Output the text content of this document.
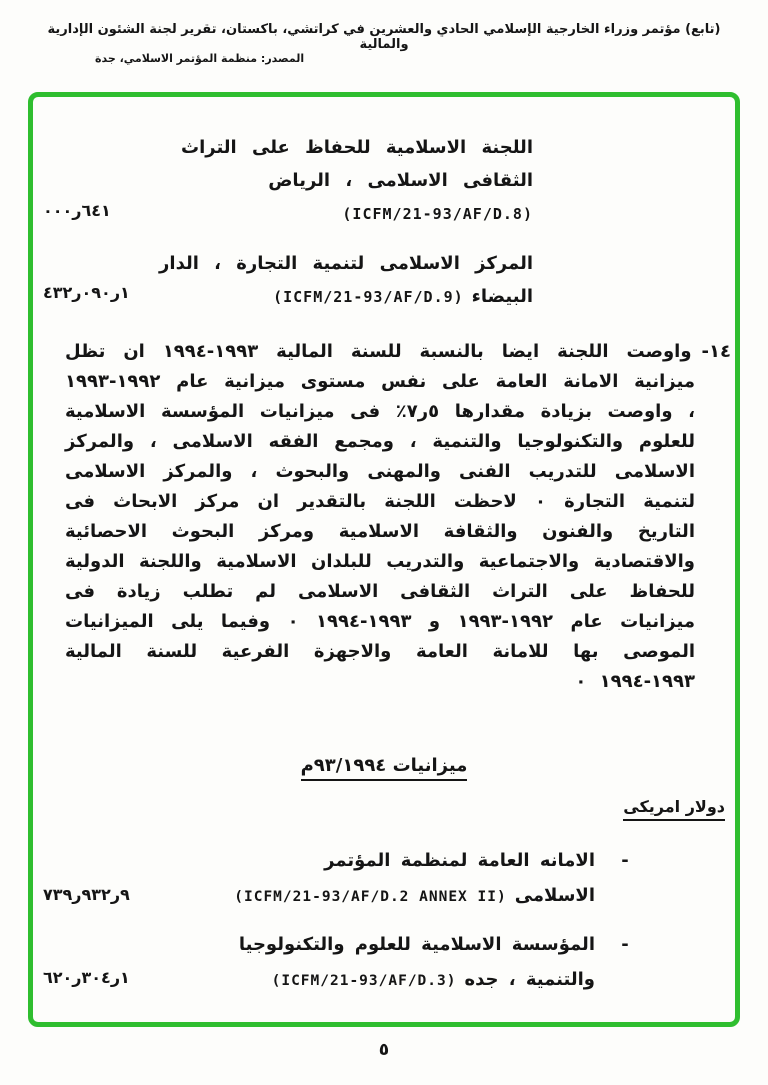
(تابع) مؤتمر وزراء الخارجية الإسلامي الحادي والعشرين في كراتشي، باكستان، تقرير لجنة الشئون الإدارية والمالية
المصدر: منظمة المؤتمر الاسلامي، جدة
اللجنة الاسلامية للحفاظ على التراث
الثقافى الاسلامى ، الرياض
(ICFM/21-93/AF/D.8)
٦٤١ر٠٠٠
المركز الاسلامى لتنمية التجارة ، الدار
البيضاء(ICFM/21-93/AF/D.9)
١ر٠٩٠ر٤٣٢
١٤-واوصت اللجنة ايضا بالنسبة للسنة المالية ١٩٩٣-١٩٩٤ ان تظل ميزانية الامانة العامة على نفس مستوى ميزانية عام ١٩٩٢-١٩٩٣ ، واوصت بزيادة مقدارها ٥ر٧٪ فى ميزانيات المؤسسة الاسلامية للعلوم والتكنولوجيا والتنمية ، ومجمع الفقه الاسلامى ، والمركز الاسلامى للتدريب الفنى والمهنى والبحوث ، والمركز الاسلامى لتنمية التجارة ٠ لاحظت اللجنة بالتقدير ان مركز الابحاث فى التاريخ والفنون والثقافة الاسلامية ومركز البحوث الاحصائية والاقتصادية والاجتماعية والتدريب للبلدان الاسلامية واللجنة الدولية للحفاظ على التراث الثقافى الاسلامى لم تطلب زيادة فى ميزانيات عام ١٩٩٢-١٩٩٣ و ١٩٩٣-١٩٩٤ ٠ وفيما يلى الميزانيات الموصى بها للامانة العامة والاجهزة الفرعية للسنة المالية ١٩٩٣-١٩٩٤ ٠
ميزانيات ٩٣/١٩٩٤م
دولار امريكى
-
الامانه العامة لمنظمة المؤتمر
الاسلامى(ICFM/21-93/AF/D.2 ANNEX II)
٩ر٩٣٢ر٧٣٩
-
المؤسسة الاسلامية للعلوم والتكنولوجيا
والتنمية ، جده(ICFM/21-93/AF/D.3)
١ر٣٠٤ر٦٢٠
٥
